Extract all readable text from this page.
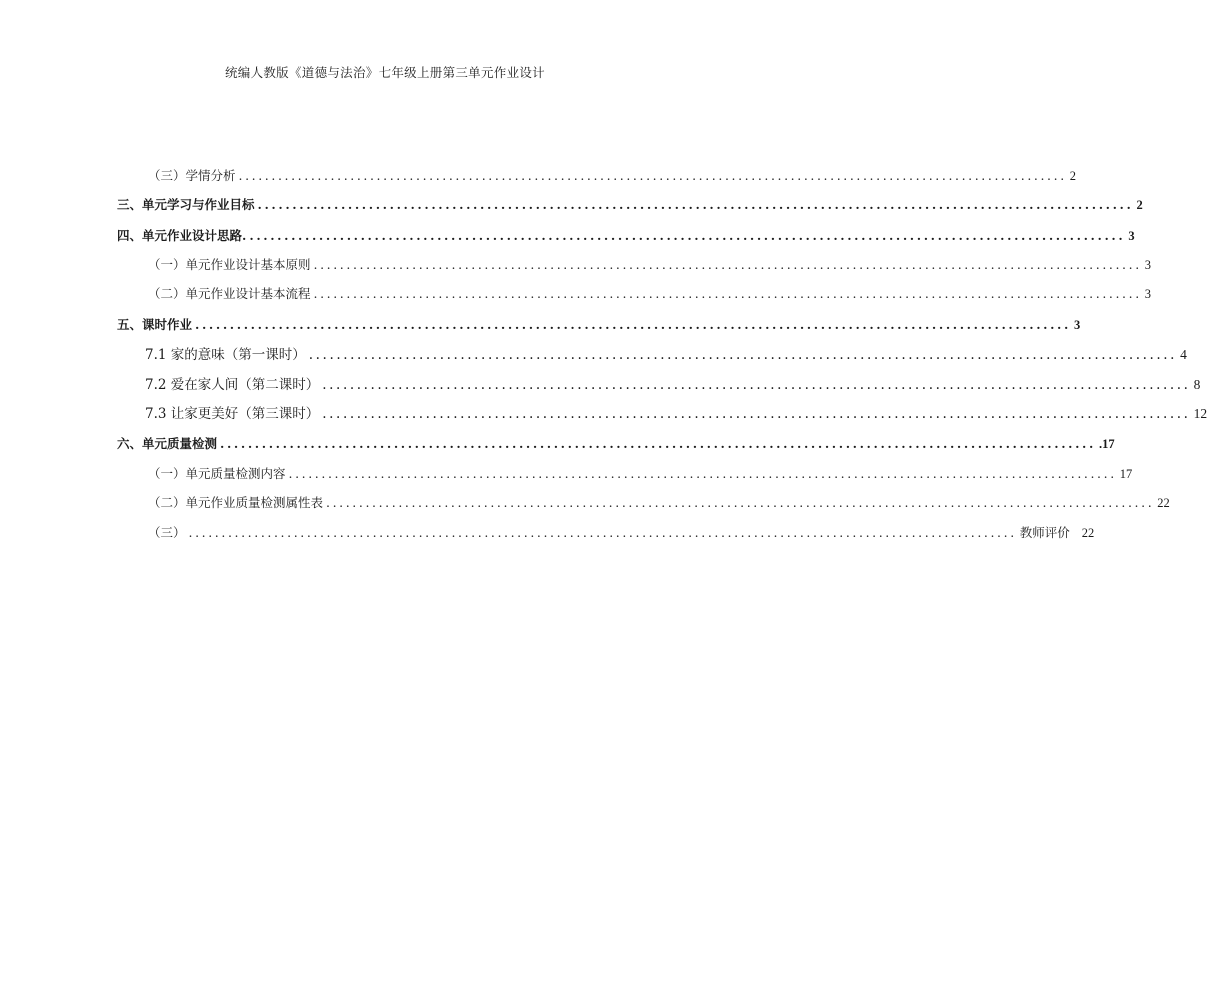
统编人教版《道德与法治》七年级上册第三单元作业设计
（三）学情分析 .............................................................................................................................. 2
三、 单元学习与作业目标 .............................................................................................................................. 2
四、 单元作业设计思路. .............................................................................................................................. 3
（一）单元作业设计基本原则 .............................................................................................................................. 3
（二）单元作业设计基本流程 .............................................................................................................................. 3
五、 课时作业 .............................................................................................................................. 3
7.1 家的意味（第一课时） .............................................................................................................................. 4
7.2 爱在家人间（第二课时） .............................................................................................................................. 8
7.3 让家更美好（第三课时） .............................................................................................................................. 12
六、 单元质量检测 .............................................................................................................................. .17
（一）单元质量检测内容 .............................................................................................................................. 17
（二）单元作业质量检测属性表 .............................................................................................................................. 22
（三） .............................................................................................................................. 教师评价 22
